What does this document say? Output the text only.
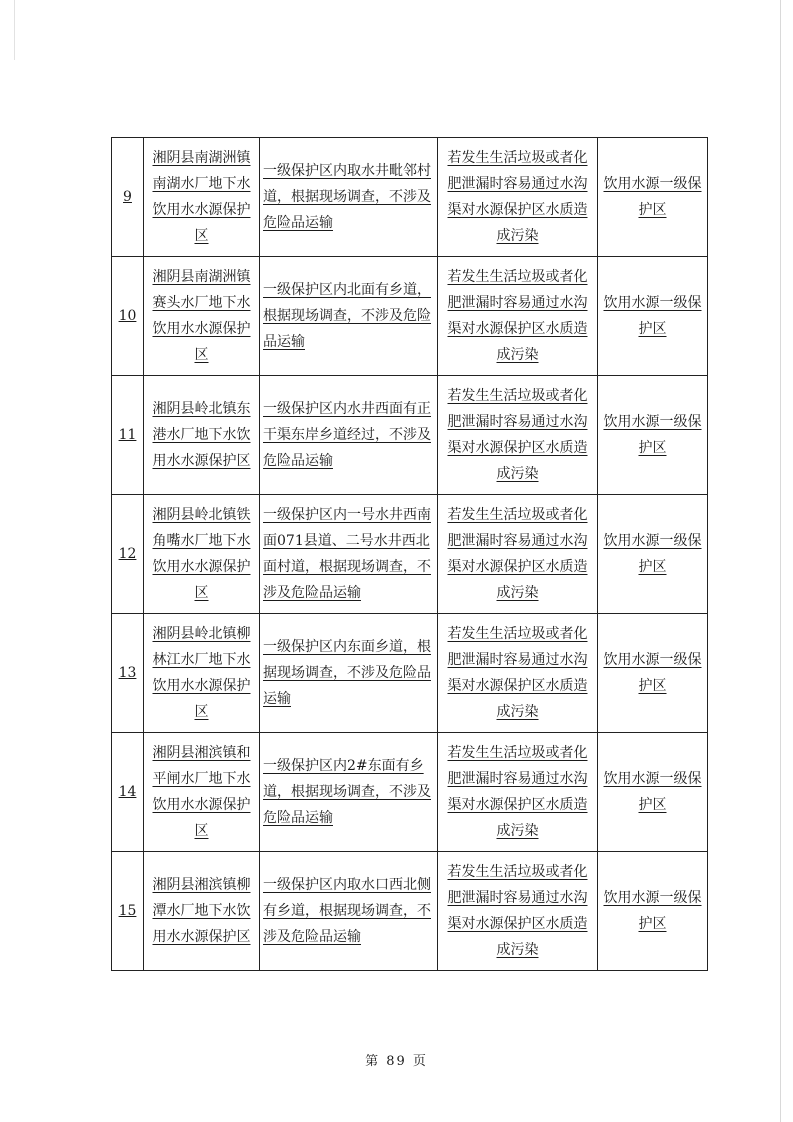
9	湘阴县南湖洲镇南湖水厂地下水饮用水水源保护区	一级保护区内取水井毗邻村道，根据现场调查，不涉及危险品运输	若发生生活垃圾或者化肥泄漏时容易通过水沟渠对水源保护区水质造成污染	饮用水源一级保护区

10	湘阴县南湖洲镇赛头水厂地下水饮用水水源保护区	一级保护区内北面有乡道，根据现场调查，不涉及危险品运输	若发生生活垃圾或者化肥泄漏时容易通过水沟渠对水源保护区水质造成污染	饮用水源一级保护区

11	湘阴县岭北镇东港水厂地下水饮用水水源保护区	一级保护区内水井西面有正干渠东岸乡道经过，不涉及危险品运输	若发生生活垃圾或者化肥泄漏时容易通过水沟渠对水源保护区水质造成污染	饮用水源一级保护区

12	湘阴县岭北镇铁角嘴水厂地下水饮用水水源保护区	一级保护区内一号水井西南面071县道、二号水井西北面村道，根据现场调查，不涉及危险品运输	若发生生活垃圾或者化肥泄漏时容易通过水沟渠对水源保护区水质造成污染	饮用水源一级保护区

13	湘阴县岭北镇柳林江水厂地下水饮用水水源保护区	一级保护区内东面乡道，根据现场调查，不涉及危险品运输	若发生生活垃圾或者化肥泄漏时容易通过水沟渠对水源保护区水质造成污染	饮用水源一级保护区

14	湘阴县湘滨镇和平闸水厂地下水饮用水水源保护区	一级保护区内2#东面有乡道，根据现场调查，不涉及危险品运输	若发生生活垃圾或者化肥泄漏时容易通过水沟渠对水源保护区水质造成污染	饮用水源一级保护区

15	湘阴县湘滨镇柳潭水厂地下水饮用水水源保护区	一级保护区内取水口西北侧有乡道，根据现场调查，不涉及危险品运输	若发生生活垃圾或者化肥泄漏时容易通过水沟渠对水源保护区水质造成污染	饮用水源一级保护区
第 89 页
